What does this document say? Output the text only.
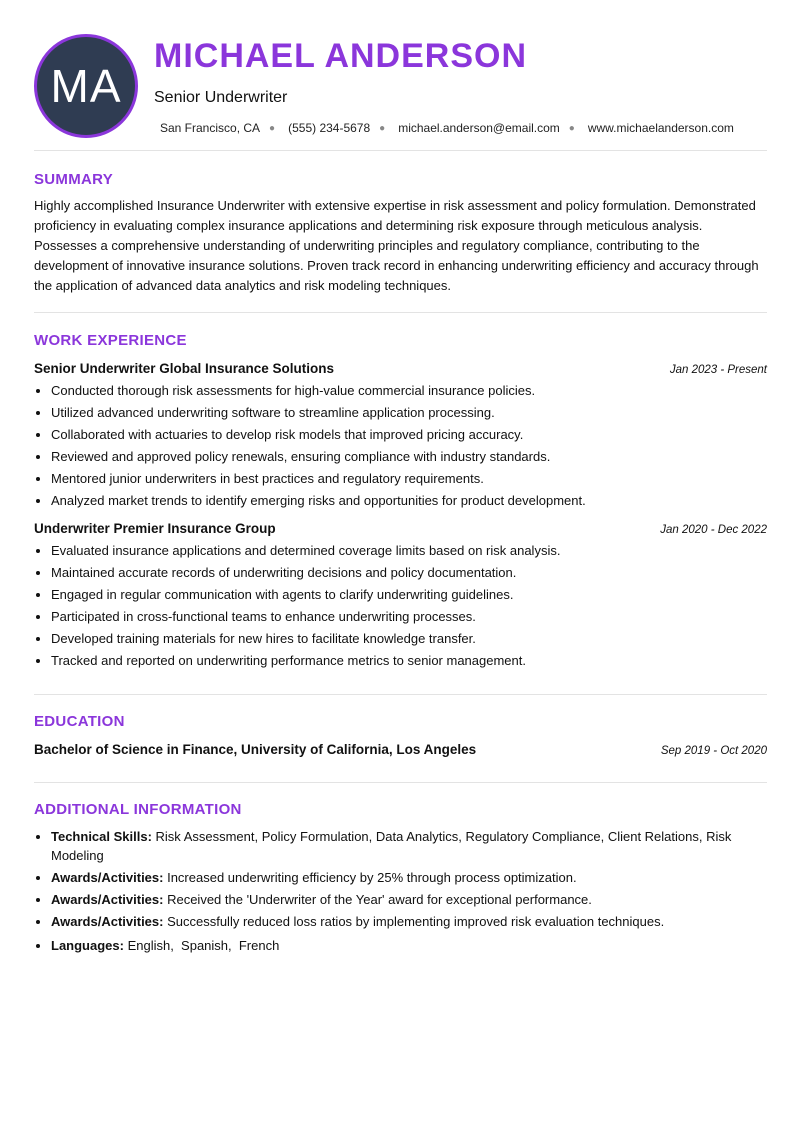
MA
MICHAEL ANDERSON
Senior Underwriter
San Francisco, CA ● (555) 234-5678 ● michael.anderson@email.com ● www.michaelanderson.com
SUMMARY

Highly accomplished Insurance Underwriter with extensive expertise in risk assessment and policy formulation. Demonstrated proficiency in evaluating complex insurance applications and determining risk exposure through meticulous analysis. Possesses a comprehensive understanding of underwriting principles and regulatory compliance, contributing to the development of innovative insurance solutions. Proven track record in enhancing underwriting efficiency and accuracy through the application of advanced data analytics and risk modeling techniques.

WORK EXPERIENCE
Senior Underwriter Global Insurance Solutions	Jan 2023 - Present
• Conducted thorough risk assessments for high-value commercial insurance policies.
• Utilized advanced underwriting software to streamline application processing.
• Collaborated with actuaries to develop risk models that improved pricing accuracy.
• Reviewed and approved policy renewals, ensuring compliance with industry standards.
• Mentored junior underwriters in best practices and regulatory requirements.
• Analyzed market trends to identify emerging risks and opportunities for product development.
Underwriter Premier Insurance Group	Jan 2020 - Dec 2022
• Evaluated insurance applications and determined coverage limits based on risk analysis.
• Maintained accurate records of underwriting decisions and policy documentation.
• Engaged in regular communication with agents to clarify underwriting guidelines.
• Participated in cross-functional teams to enhance underwriting processes.
• Developed training materials for new hires to facilitate knowledge transfer.
• Tracked and reported on underwriting performance metrics to senior management.
EDUCATION
Bachelor of Science in Finance, University of California, Los Angeles	Sep 2019 - Oct 2020
ADDITIONAL INFORMATION
• Technical Skills: Risk Assessment, Policy Formulation, Data Analytics, Regulatory Compliance, Client Relations, Risk Modeling
• Awards/Activities: Increased underwriting efficiency by 25% through process optimization.
• Awards/Activities: Received the 'Underwriter of the Year' award for exceptional performance.
• Awards/Activities: Successfully reduced loss ratios by implementing improved risk evaluation techniques.
• Languages: English,  Spanish,  French
